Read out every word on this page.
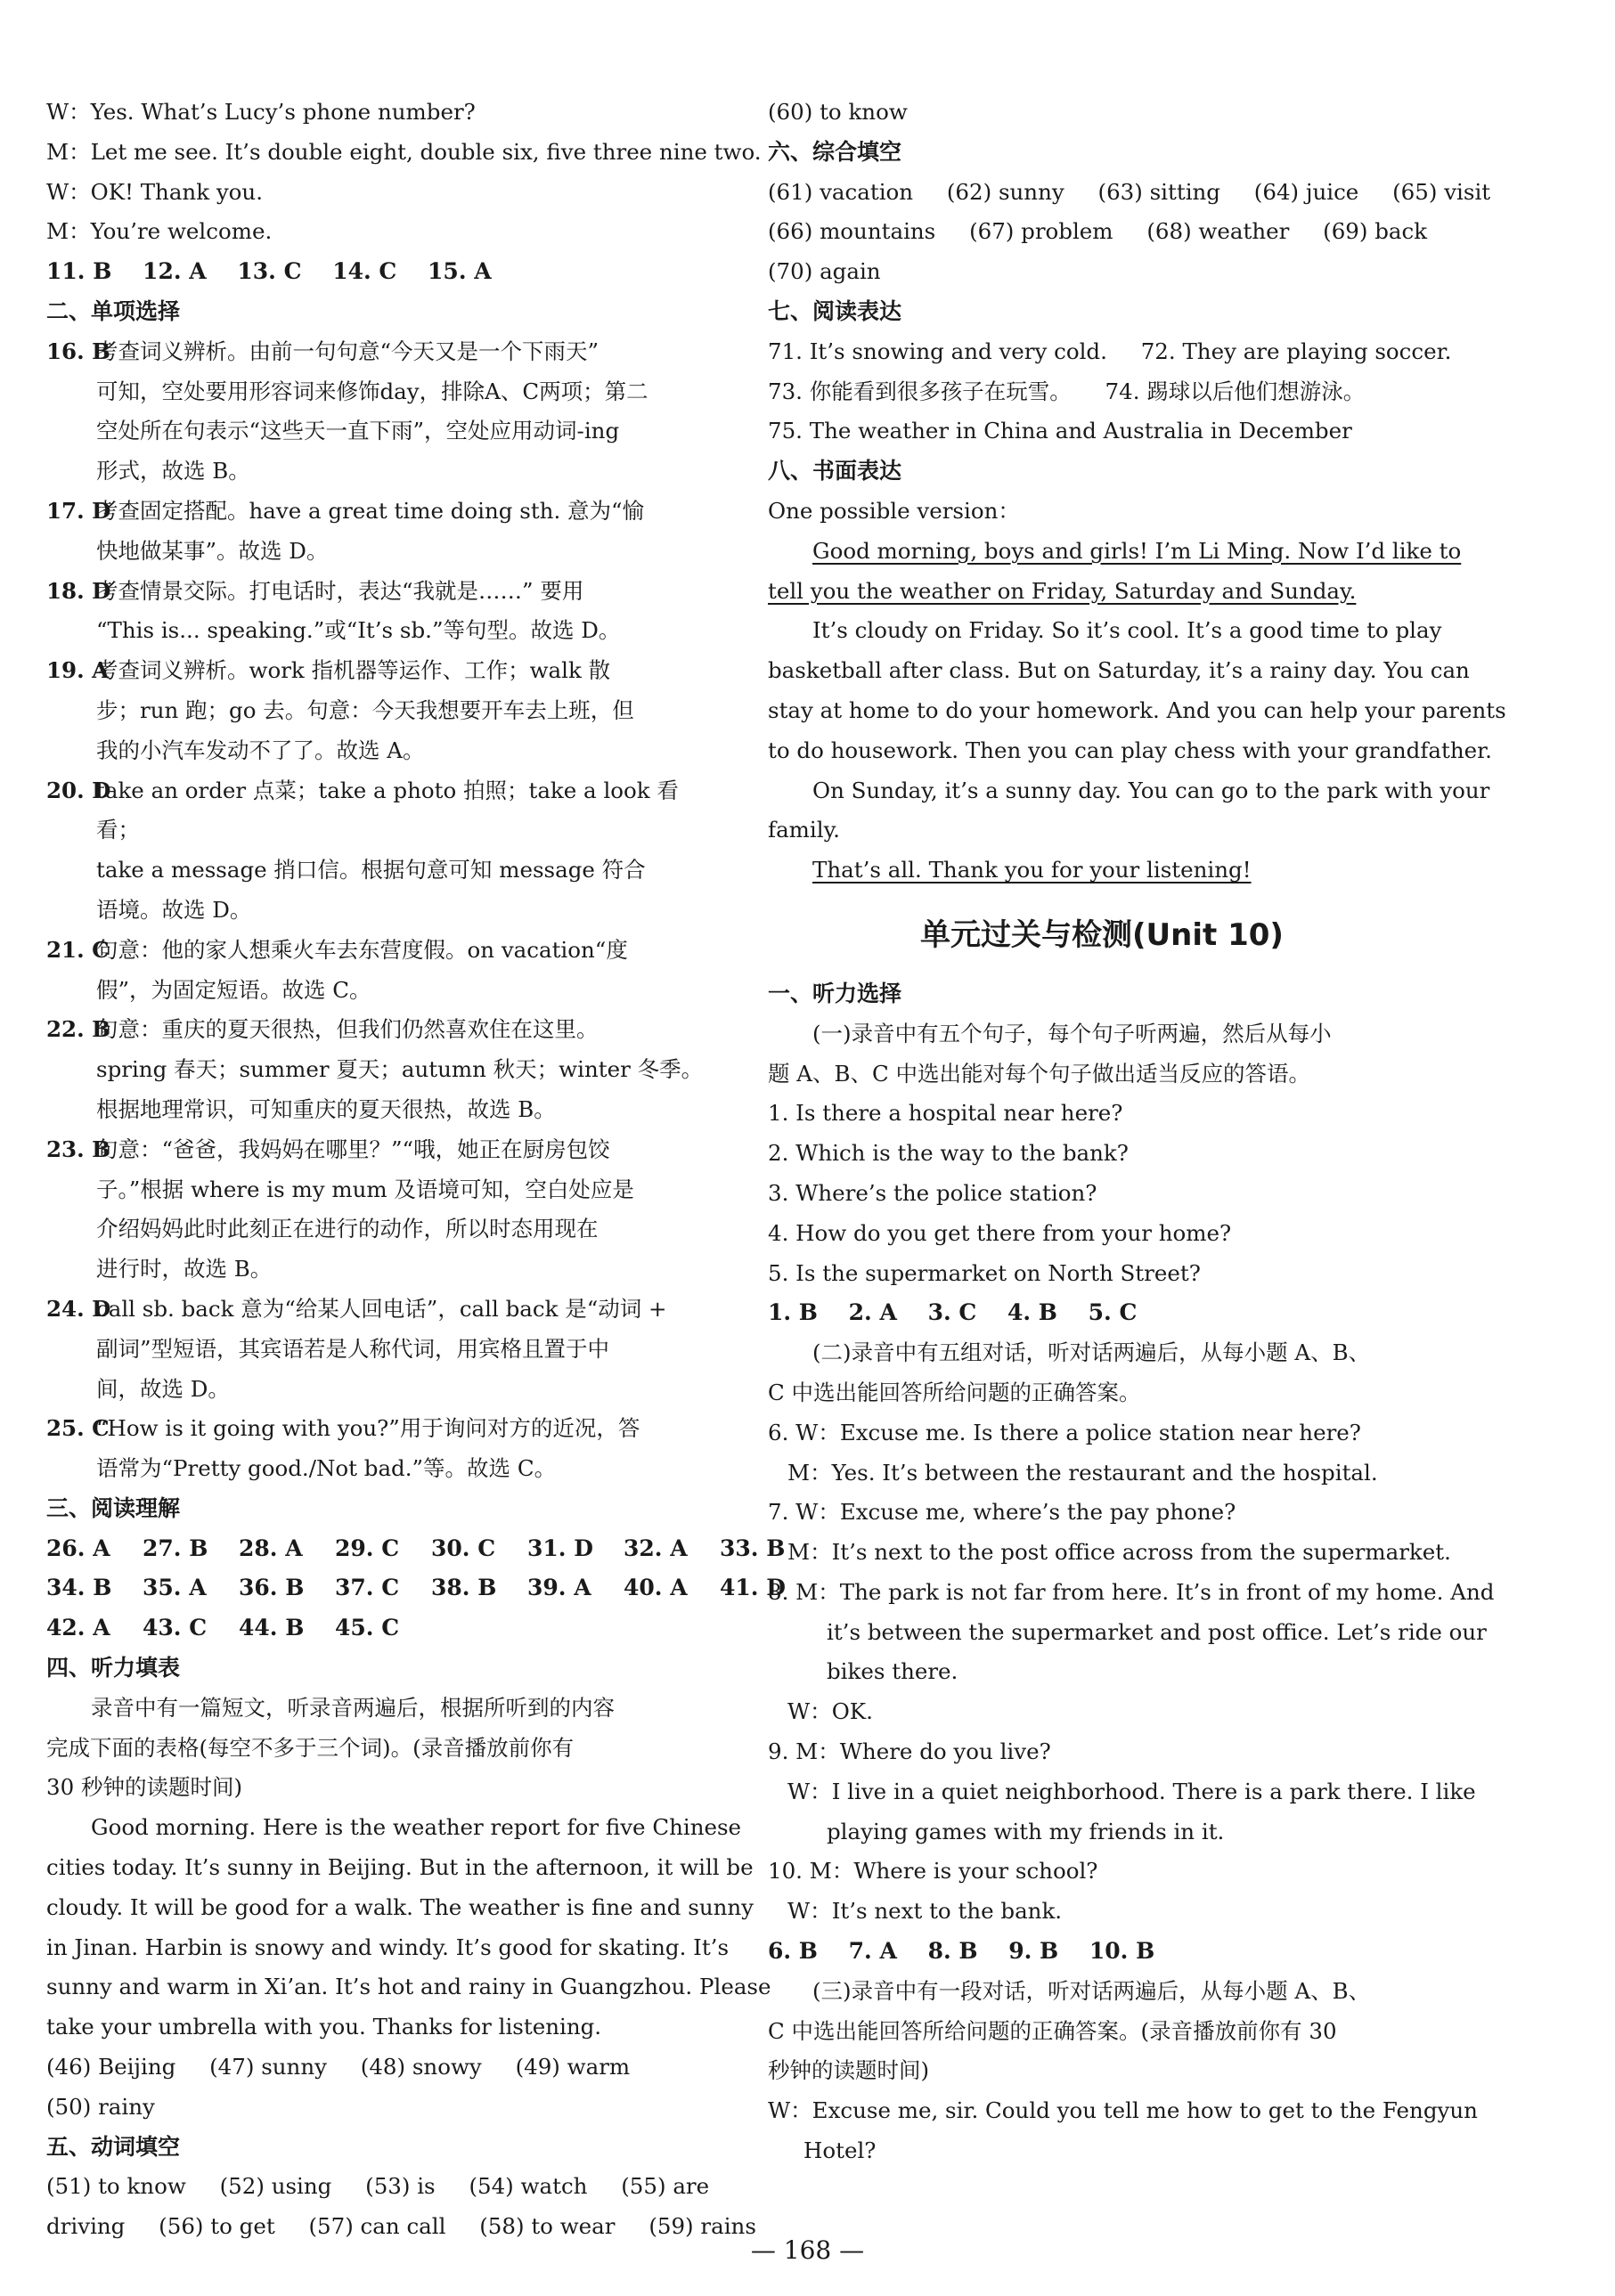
W：Yes. What’s Lucy’s phone number?
M：Let me see. It’s double eight, double six, five three nine two.
W：OK! Thank you.
M：You’re welcome.
11. B 12. A 13. C 14. C 15. A
二、单项选择
16. B
考查词义辨析。由前一句句意“今天又是一个下雨天”
可知，空处要用形容词来修饰day，排除A、C两项；第二
空处所在句表示“这些天一直下雨”，空处应用动词-ing
形式，故选 B。
17. D
考查固定搭配。have a great time doing sth. 意为“愉
快地做某事”。故选 D。
18. D
考查情景交际。打电话时，表达“我就是……” 要用
“This is... speaking.”或“It’s sb.”等句型。故选 D。
19. A
考查词义辨析。work 指机器等运作、工作；walk 散
步；run 跑；go 去。句意：今天我想要开车去上班，但
我的小汽车发动不了了。故选 A。
20. D
take an order 点菜；take a photo 拍照；take a look 看看；
take a message 捎口信。根据句意可知 message 符合
语境。故选 D。
21. C
句意：他的家人想乘火车去东营度假。on vacation“度
假”，为固定短语。故选 C。
22. B
句意：重庆的夏天很热，但我们仍然喜欢住在这里。
spring 春天；summer 夏天；autumn 秋天；winter 冬季。
根据地理常识，可知重庆的夏天很热，故选 B。
23. B
句意：“爸爸，我妈妈在哪里？”“哦，她正在厨房包饺
子。”根据 where is my mum 及语境可知，空白处应是
介绍妈妈此时此刻正在进行的动作，所以时态用现在
进行时，故选 B。
24. D
call sb. back 意为“给某人回电话”，call back 是“动词 +
副词”型短语，其宾语若是人称代词，用宾格且置于中
间，故选 D。
25. C
“How is it going with you?”用于询问对方的近况，答
语常为“Pretty good./Not bad.”等。故选 C。
三、阅读理解
26. A 27. B 28. A 29. C 30. C 31. D 32. A 33. B
34. B 35. A 36. B 37. C 38. B 39. A 40. A 41. D
42. A 43. C 44. B 45. C
四、听力填表
录音中有一篇短文，听录音两遍后，根据所听到的内容
完成下面的表格(每空不多于三个词)。(录音播放前你有
30 秒钟的读题时间)
Good morning. Here is the weather report for five Chinese
cities today. It’s sunny in Beijing. But in the afternoon, it will be
cloudy. It will be good for a walk. The weather is fine and sunny
in Jinan. Harbin is snowy and windy. It’s good for skating. It’s
sunny and warm in Xi’an. It’s hot and rainy in Guangzhou. Please
take your umbrella with you. Thanks for listening.
(46) Beijing (47) sunny (48) snowy (49) warm
(50) rainy
五、动词填空
(51) to know (52) using (53) is (54) watch (55) are
driving (56) to get (57) can call (58) to wear (59) rains
(60) to know
六、综合填空
(61) vacation (62) sunny (63) sitting (64) juice (65) visit
(66) mountains (67) problem (68) weather (69) back
(70) again
七、阅读表达
71. It’s snowing and very cold. 72. They are playing soccer.
73. 你能看到很多孩子在玩雪。 74. 踢球以后他们想游泳。
75. The weather in China and Australia in December
八、书面表达
One possible version：
Good morning, boys and girls! I’m Li Ming. Now I’d like to
tell you the weather on Friday, Saturday and Sunday.
It’s cloudy on Friday. So it’s cool. It’s a good time to play
basketball after class. But on Saturday, it’s a rainy day. You can
stay at home to do your homework. And you can help your parents
to do housework. Then you can play chess with your grandfather.
On Sunday, it’s a sunny day. You can go to the park with your
family.
That’s all. Thank you for your listening!
单元过关与检测(Unit 10)
一、听力选择
(一)录音中有五个句子，每个句子听两遍，然后从每小
题 A、B、C 中选出能对每个句子做出适当反应的答语。
1. Is there a hospital near here?
2. Which is the way to the bank?
3. Where’s the police station?
4. How do you get there from your home?
5. Is the supermarket on North Street?
1. B 2. A 3. C 4. B 5. C
(二)录音中有五组对话，听对话两遍后，从每小题 A、B、
C 中选出能回答所给问题的正确答案。
6. W：Excuse me. Is there a police station near here?
M：Yes. It’s between the restaurant and the hospital.
7. W：Excuse me, where’s the pay phone?
M：It’s next to the post office across from the supermarket.
8. M：The park is not far from here. It’s in front of my home. And
it’s between the supermarket and post office. Let’s ride our
bikes there.
W：OK.
9. M：Where do you live?
W：I live in a quiet neighborhood. There is a park there. I like
playing games with my friends in it.
10. M：Where is your school?
W：It’s next to the bank.
6. B 7. A 8. B 9. B 10. B
(三)录音中有一段对话，听对话两遍后，从每小题 A、B、
C 中选出能回答所给问题的正确答案。(录音播放前你有 30
秒钟的读题时间)
W：Excuse me, sir. Could you tell me how to get to the Fengyun
Hotel?
— 168 —
